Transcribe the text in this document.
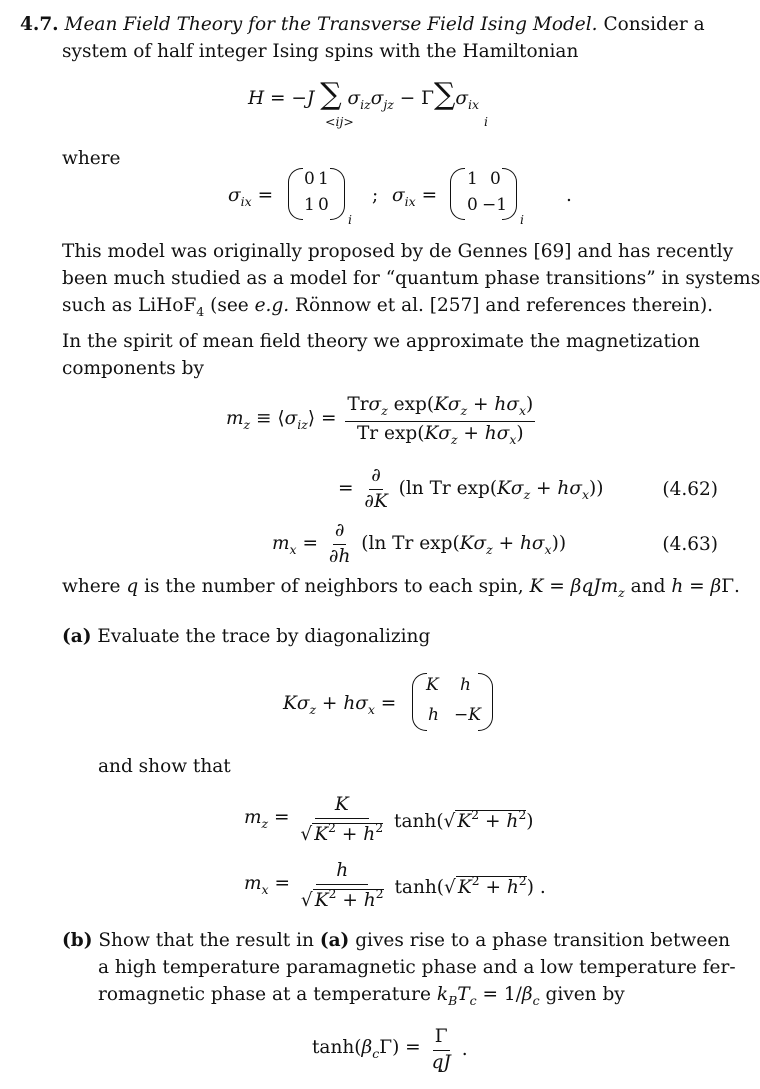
4.7. Mean Field Theory for the Transverse Field Ising Model. Consider a
system of half integer Ising spins with the Hamiltonian
H = −J ∑ $\sigma_{iz}\sigma_{jz} - \Gamma\sum\sigma_{ix}$
<ij>	i
where
$\sigma_{ix}$ =
0 1
1 0
i
; $\sigma_{ix}$ =
1 0
0 −1
i
.
This model was originally proposed by de Gennes [69] and has recently
been much studied as a model for “quantum phase transitions” in systems
such as LiHoF$_4$ (see e.g. Rönnow et al. [257] and references therein).
In the spirit of mean field theory we approximate the magnetization
components by
$m_z$ ≡ $⟨\sigma_{iz}⟩ = \frac{Tr\sigma_z \exp(K\sigma_z + h\sigma_x)}{Tr \exp(K\sigma_z + h\sigma_x)}$
= $\frac{\partial}{\partial K} (\ln$ Tr $\exp(K\sigma_z + h\sigma_x)$)	(4.62)
$m_x = \frac{\partial}{\partial h} (\ln$ Tr $\exp(K\sigma_z + h\sigma_x)$)	(4.63)
where q is the number of neighbors to each spin, K = βqJm$_z$ and h = βΓ.
(a) Evaluate the trace by diagonalizing
$K\sigma_z + h\sigma_x$ =
K h
h −K
and show that
$m_z = \frac{K}{√ K^2 + h^2} \tanh(√$ $K^2 + h^2$)
$m_x = \frac{h}{√ K^2 + h^2} \tanh(√$ $K^2 + h^2$) .
(b) Show that the result in (a) gives rise to a phase transition between
a high temperature paramagnetic phase and a low temperature fer-
romagnetic phase at a temperature $k_BT_c = 1/\beta_c$ given by
$\tanh(\beta_c\Gamma) = \frac{\Gamma}{qJ}$ .
